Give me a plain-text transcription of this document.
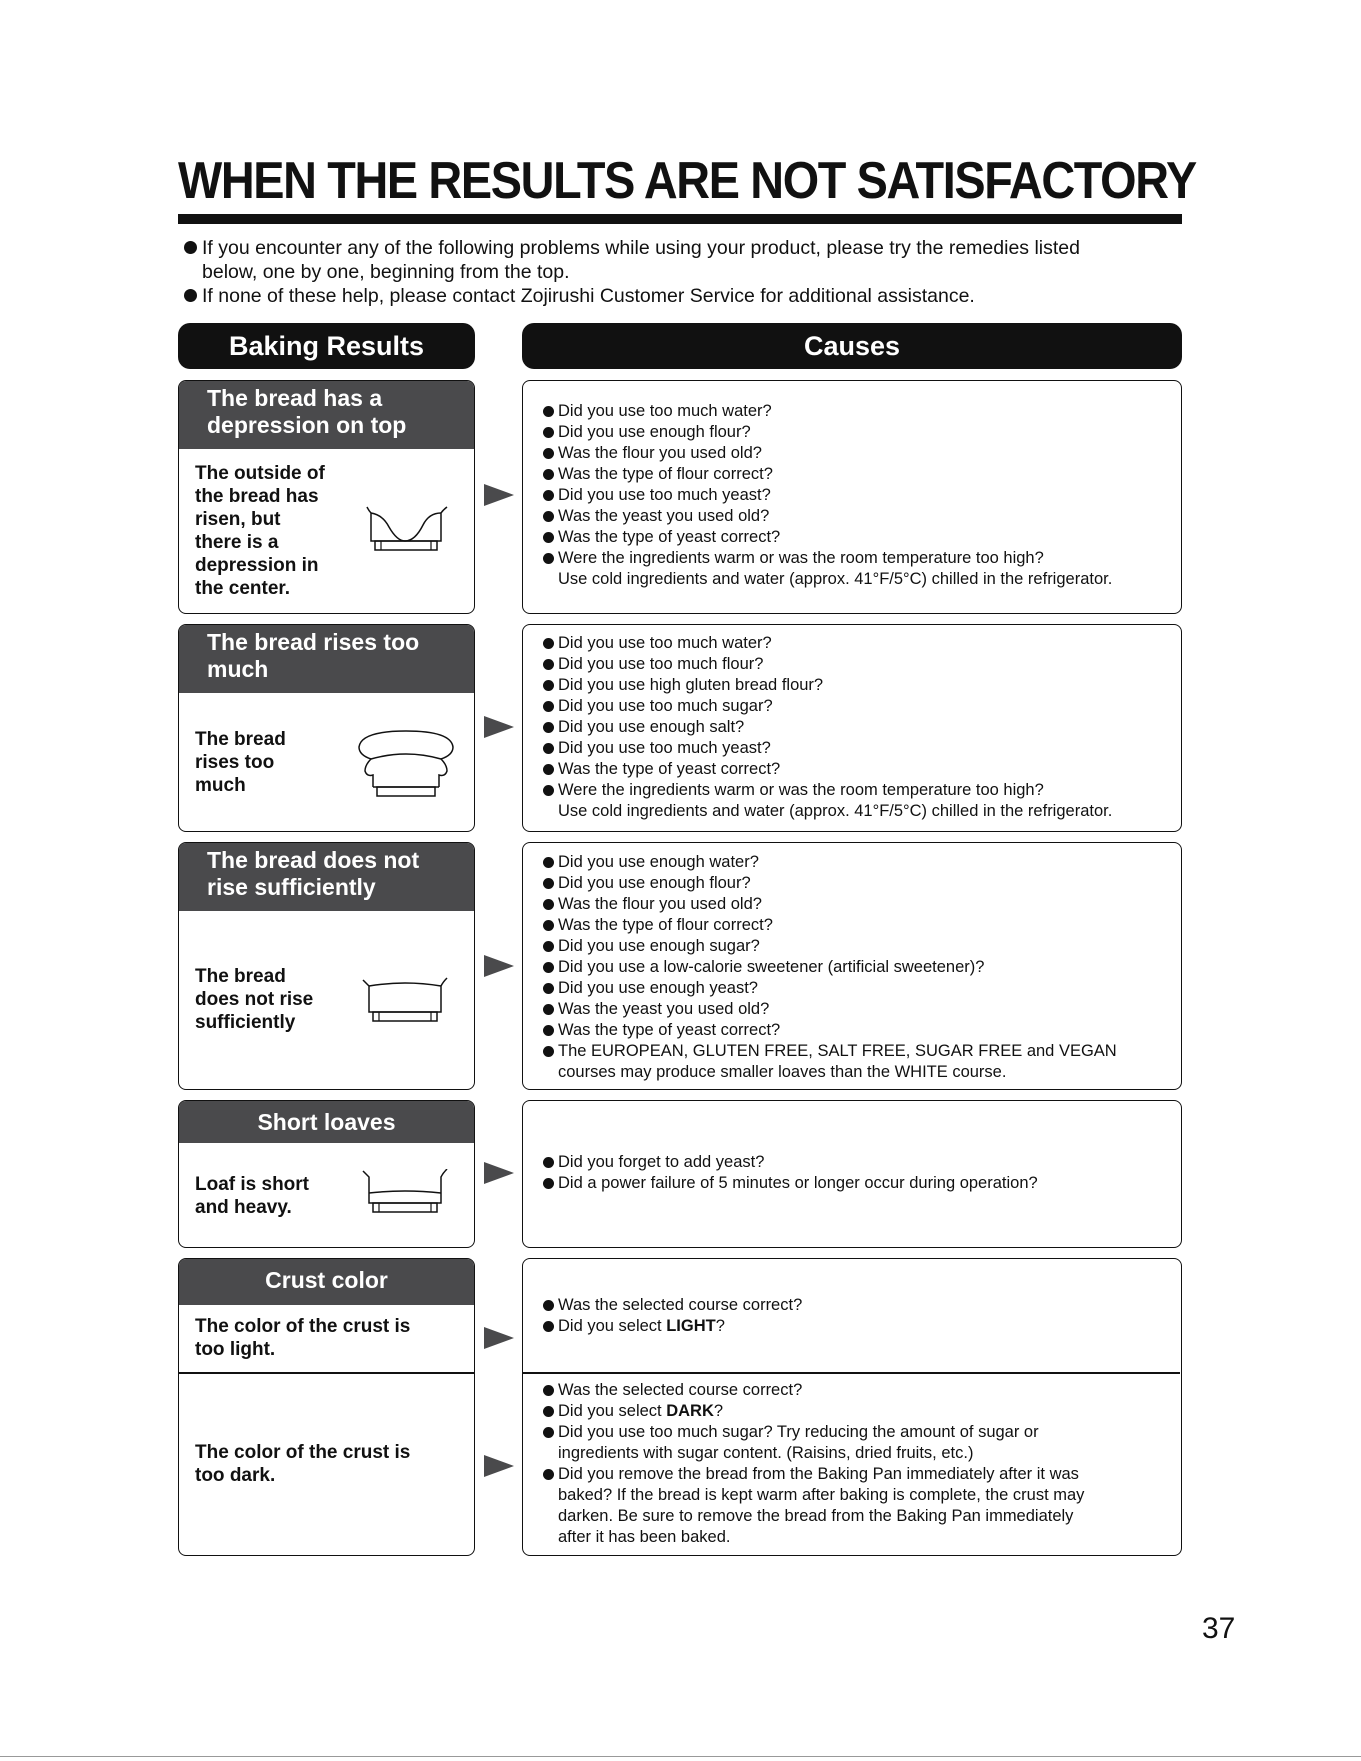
WHEN THE RESULTS ARE NOT SATISFACTORY
If you encounter any of the following problems while using your product, please try the remedies listed
below, one by one, beginning from the top.
If none of these help, please contact Zojirushi Customer Service for additional assistance.
Baking Results	Causes
The bread has a
depression on top
The outside of
the bread has
risen, but
there is a
depression in
the center.
Did you use too much water?
Did you use enough flour?
Was the flour you used old?
Was the type of flour correct?
Did you use too much yeast?
Was the yeast you used old?
Was the type of yeast correct?
Were the ingredients warm or was the room temperature too high?
Use cold ingredients and water (approx. 41°F/5°C) chilled in the refrigerator.
The bread rises too
much
The bread
rises too
much
Did you use too much water?
Did you use too much flour?
Did you use high gluten bread flour?
Did you use too much sugar?
Did you use enough salt?
Did you use too much yeast?
Was the type of yeast correct?
Were the ingredients warm or was the room temperature too high?
Use cold ingredients and water (approx. 41°F/5°C) chilled in the refrigerator.
The bread does not
rise sufficiently
The bread
does not rise
sufficiently
Did you use enough water?
Did you use enough flour?
Was the flour you used old?
Was the type of flour correct?
Did you use enough sugar?
Did you use a low-calorie sweetener (artificial sweetener)?
Did you use enough yeast?
Was the yeast you used old?
Was the type of yeast correct?
The EUROPEAN, GLUTEN FREE, SALT FREE, SUGAR FREE and VEGAN
courses may produce smaller loaves than the WHITE course.
Short loaves
Loaf is short
and heavy.
Did you forget to add yeast?
Did a power failure of 5 minutes or longer occur during operation?
Crust color
The color of the crust is
too light.
The color of the crust is
too dark.
Was the selected course correct?
Did you select LIGHT?
Was the selected course correct?
Did you select DARK?
Did you use too much sugar? Try reducing the amount of sugar or
ingredients with sugar content. (Raisins, dried fruits, etc.)
Did you remove the bread from the Baking Pan immediately after it was
baked? If the bread is kept warm after baking is complete, the crust may
darken. Be sure to remove the bread from the Baking Pan immediately
after it has been baked.
37
